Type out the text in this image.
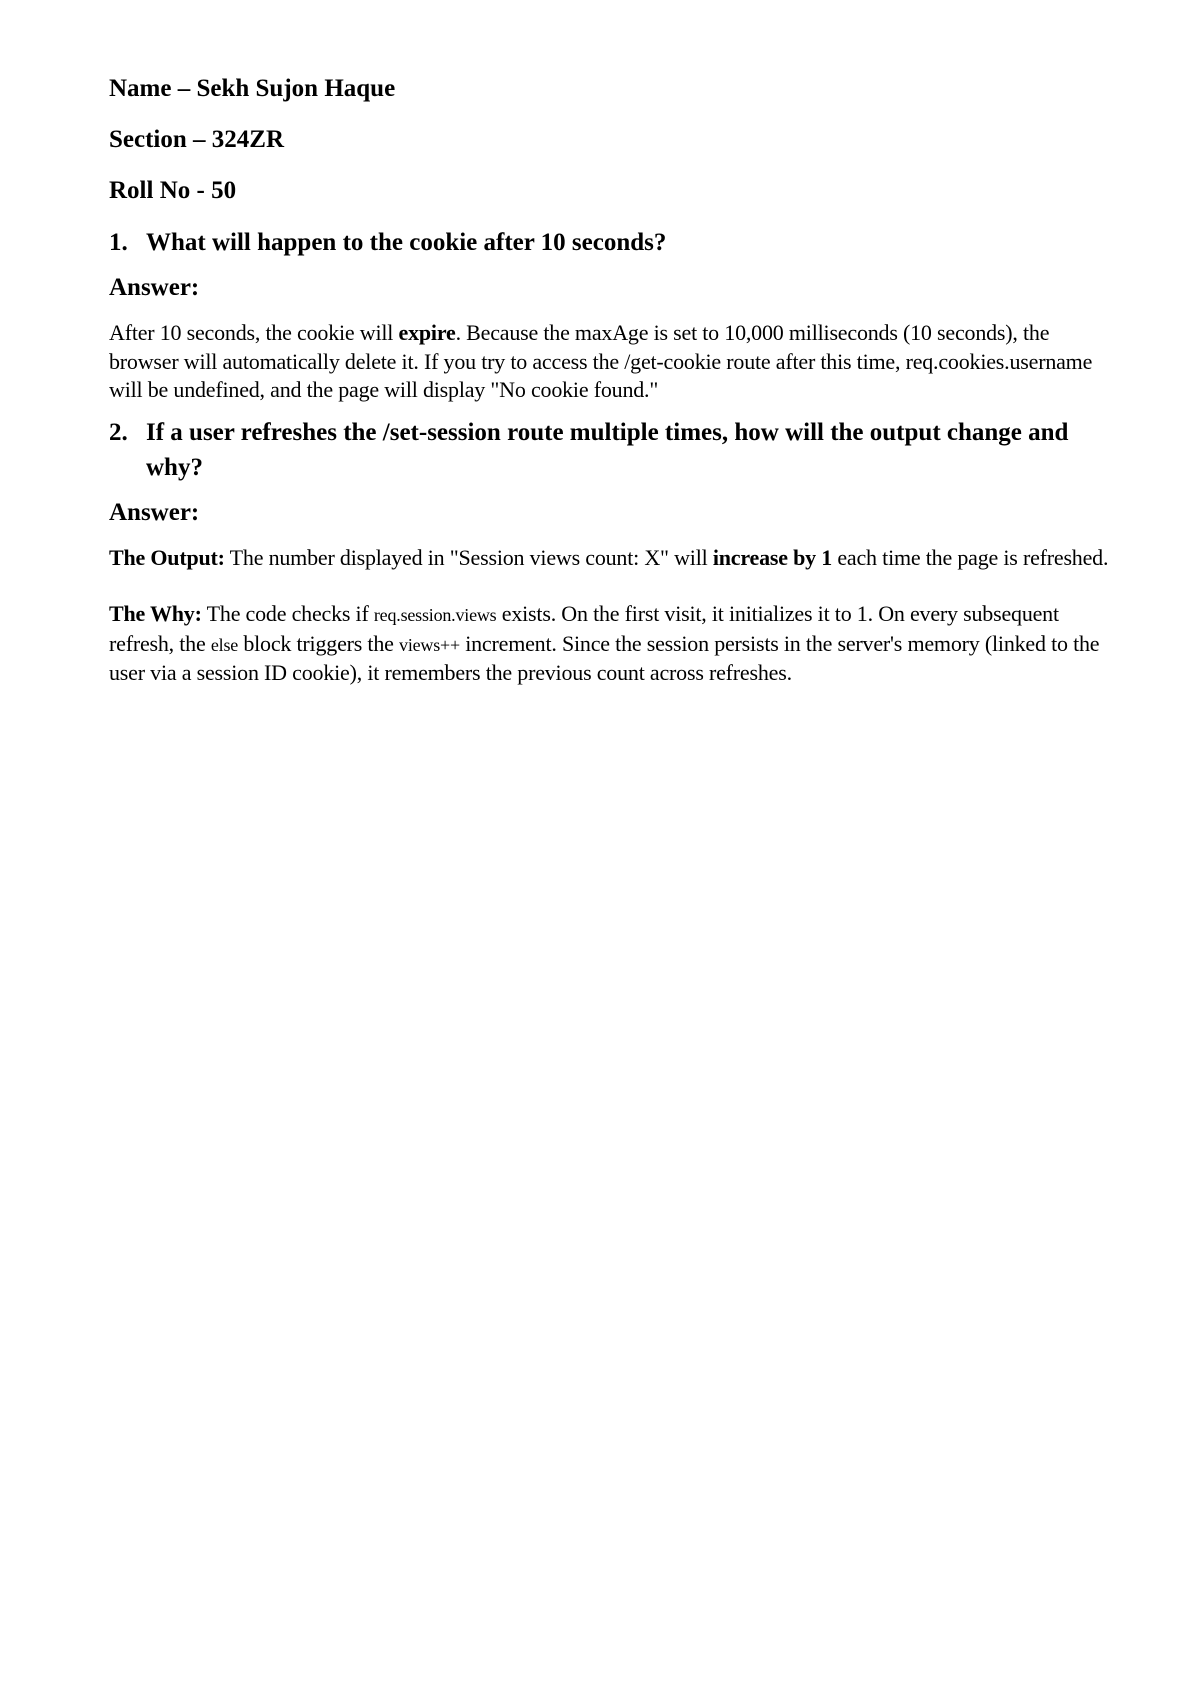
Name – Sekh Sujon Haque
Section – 324ZR
Roll No - 50
1. What will happen to the cookie after 10 seconds?
Answer:

After 10 seconds, the cookie will expire. Because the maxAge is set to 10,000 milliseconds (10 seconds), the browser will automatically delete it. If you try to access the /get-cookie route after this time, req.cookies.username will be undefined, and the page will display "No cookie found."

2. If a user refreshes the /set-session route multiple times, how will the output change and why?
Answer:

The Output: The number displayed in "Session views count: X" will increase by 1 each time the page is refreshed.

The Why: The code checks if req.session.views exists. On the first visit, it initializes it to 1. On every subsequent refresh, the else block triggers the views++ increment. Since the session persists in the server's memory (linked to the user via a session ID cookie), it remembers the previous count across refreshes.
